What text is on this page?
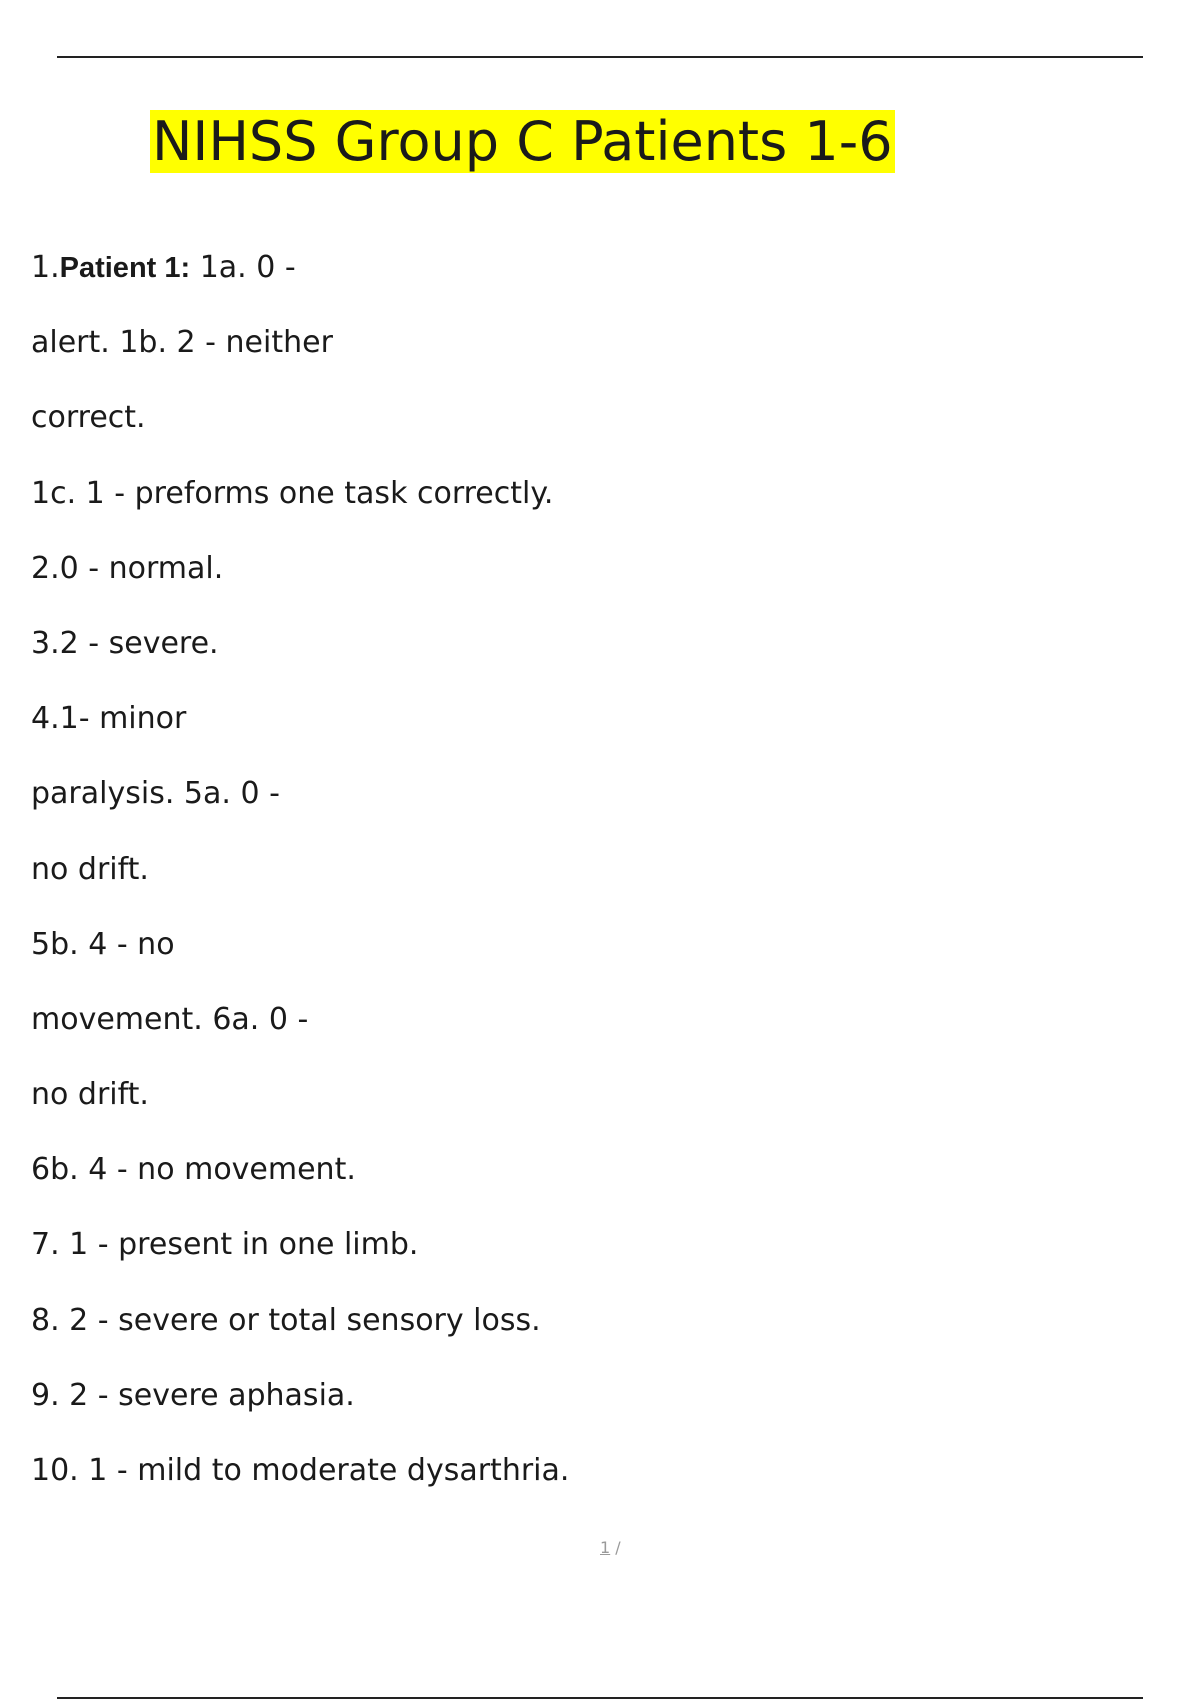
NIHSS Group C Patients 1-6
1.Patient 1: 1a. 0 -
alert. 1b. 2 - neither
correct.
1c. 1 - preforms one task correctly.
2.0 - normal.
3.2 - severe.
4.1- minor
paralysis. 5a. 0 -
no drift.
5b. 4 - no
movement. 6a. 0 -
no drift.
6b. 4 - no movement.
7. 1 - present in one limb.
8. 2 - severe or total sensory loss.
9. 2 - severe aphasia.
10. 1 - mild to moderate dysarthria.
1 /
